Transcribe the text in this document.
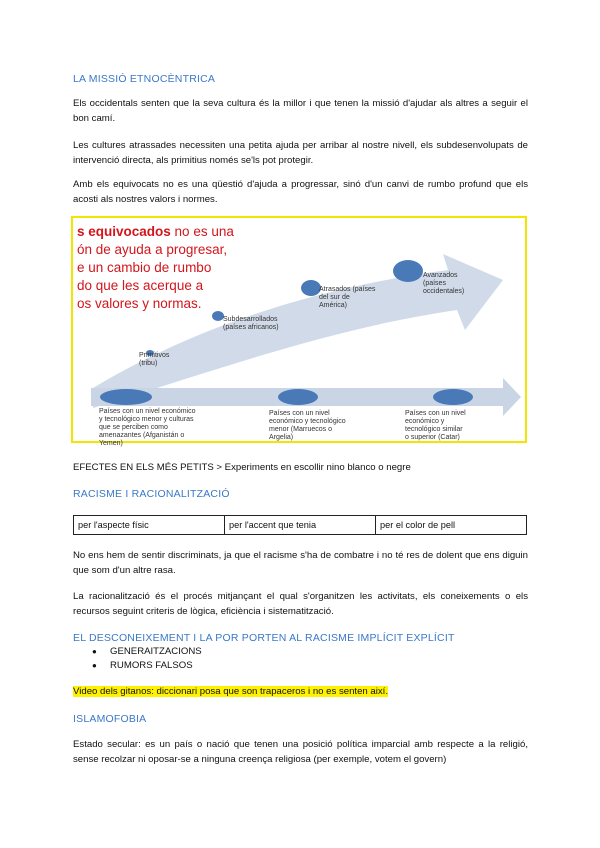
LA MISSIÓ ETNOCÈNTRICA
Els occidentals senten que la seva cultura és la millor i que tenen la missió d'ajudar als altres a seguir el bon camí.
Les cultures atrassades necessiten una petita ajuda per arribar al nostre nivell, els subdesenvolupats de intervenció directa, als primitius només se'ls pot protegir.
Amb els equivocats no es una qüestió d'ajuda a progressar, sinó d'un canvi de rumbo profund que els acosti als nostres valors i normes.
s equivocados no es una
ón de ayuda a progresar,
e un cambio de rumbo
do que les acerque a
os valores y normas.
Primitivos
(tribu)
Subdesarrollados
(países africanos)
Atrasados (países
del sur de
América)
Avanzados
(países
occidentales)
Países con un nivel económico
y tecnológico menor y culturas
que se perciben como
amenazantes (Afganistán o
Yemen)
Países con un nivel
económico y tecnológico
menor (Marruecos o
Argelia)
Países con un nivel
económico y
tecnológico similar
o superior (Catar)
EFECTES EN ELS MÉS PETITS > Experiments en escollir nino blanco o negre
RACISME I RACIONALITZACIÓ
per l'aspecte físic	per l'accent que tenia	per el color de pell
No ens hem de sentir discriminats, ja que el racisme s'ha de combatre i no té res de dolent que ens diguin que som d'un altre rasa.
La racionalització és el procés mitjançant el qual s'organitzen les activitats, els coneixements o els recursos seguint criteris de lògica, eficiència i sistematització.
EL DESCONEIXEMENT I LA POR PORTEN AL RACISME IMPLÍCIT EXPLÍCIT
● GENERAITZACIONS
● RUMORS FALSOS
Video dels gitanos: diccionari posa que son trapaceros i no es senten així.
ISLAMOFOBIA
Estado secular: es un país o nació que tenen una posició política imparcial amb respecte a la religió, sense recolzar ni oposar-se a ninguna creença religiosa (per exemple, votem el govern)
